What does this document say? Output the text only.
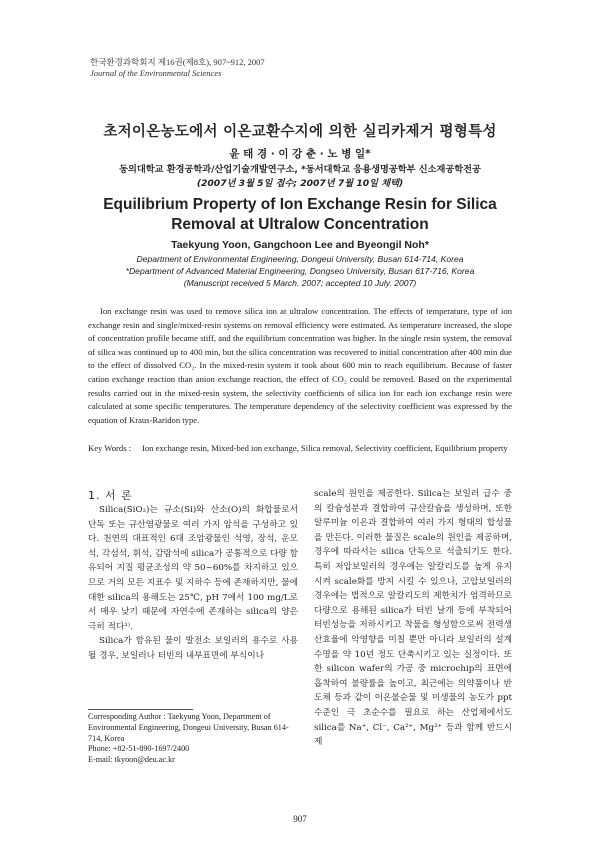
한국환경과학회지 제16권(제8호), 907~912, 2007
Journal of the Environmental Sciences
초저이온농도에서 이온교환수지에 의한 실리카제거 평형특성
윤 태 경 · 이 강 춘 · 노 병 일*
동의대학교 환경공학과/산업기술개발연구소, *동서대학교 응용생명공학부 신소재공학전공
(2007년 3월 5일 접수; 2007년 7월 10일 채택)
Equilibrium Property of Ion Exchange Resin for Silica
Removal at Ultralow Concentration
Taekyung Yoon, Gangchoon Lee and Byeongil Noh*
Department of Environmental Engineering, Dongeui University, Busan 614-714, Korea
*Department of Advanced Material Engineering, Dongseo University, Busan 617-716, Korea
(Manuscript received 5 March. 2007; accepted 10 July. 2007)
Ion exchange resin was used to remove silica ion at ultralow concentration. The effects of temperature, type of ion exchange resin and single/mixed-resin systems on removal efficiency were estimated. As temperature increased, the slope of concentration profile became stiff, and the equilibrium concentration was higher. In the single resin system, the removal of silica was continued up to 400 min, but the silica concentration was recovered to initial concentration after 400 min due to the effect of dissolved CO₂. In the mixed-resin system it took about 600 min to reach equilibrium. Because of faster cation exchange reaction than anion exchange reaction, the effect of CO₂ could be removed. Based on the experimental results carried out in the mixed-resin system, the selectivity coefficients of silica ion for each ion exchange resin were calculated at some specific temperatures. The temperature dependency of the selectivity coefficient was expressed by the equation of Kraus-Raridon type.
Key Words : Ion exchange resin, Mixed-bed ion exchange, Silica removal, Selectivity coefficient, Equilibrium property
1. 서 론

Silica(SiO₂)는 규소(Si)와 산소(O)의 화합물로서 단독 또는 규산염광물로 여러 가지 암석을 구성하고 있다. 천연의 대표적인 6대 조암광물인 석영, 장석, 운모석, 각섬석, 휘석, 감람석에 silica가 공통적으로 다량 함유되어 지질 평균조성의 약 50~60%를 차지하고 있으므로 거의 모든 지표수 및 지하수 등에 존재하지만, 물에 대한 silica의 용해도는 25℃, pH 7에서 100 mg/L로서 매우 낮기 때문에 자연수에 존재하는 silica의 양은 극히 적다¹⁾.

Silica가 함유된 물이 발전소 보일러의 용수로 사용될 경우, 보일러나 터빈의 내부표면에 부식이나

scale의 원인을 제공한다. Silica는 보일러 급수 중의 칼슘성분과 결합하여 규산칼슘을 생성하며, 또한 알루미늄 이온과 결합하여 여러 가지 형태의 합성물을 만든다. 이러한 물질은 scale의 원인을 제공하며, 경우에 따라서는 silica 단독으로 석출되기도 한다. 특히 저압보일러의 경우에는 알칼리도를 높게 유지시켜 scale화를 방지 시킬 수 있으나, 고압보일러의 경우에는 법적으로 알칼리도의 제한치가 엄격하므로 다량으로 용해된 silica가 터빈 날개 등에 부착되어 터빈성능을 저하시키고 착물을 형성함으로써 전력생산효율에 악영향을 미칠 뿐만 아니라 보일러의 설계수명을 약 10년 정도 단축시키고 있는 실정이다. 또한 silicon wafer의 가공 중 microchip의 표면에 흡착하여 불량률을 높이고, 최근에는 의약품이나 반도체 등과 같이 이온불순물 및 미생물의 농도가 ppt 수준인 극 초순수를 필요로 하는 산업체에서도 silica를 Na⁺, Cl⁻, Ca²⁺, Mg²⁺ 등과 함께 반드시 제

Corresponding Author : Taekyung Yoon, Department of Environmental Engineering, Dongeui University, Busan 614-714, Korea
Phone: +82-51-890-1697/2400
E-mail: tkyoon@deu.ac.kr
907
